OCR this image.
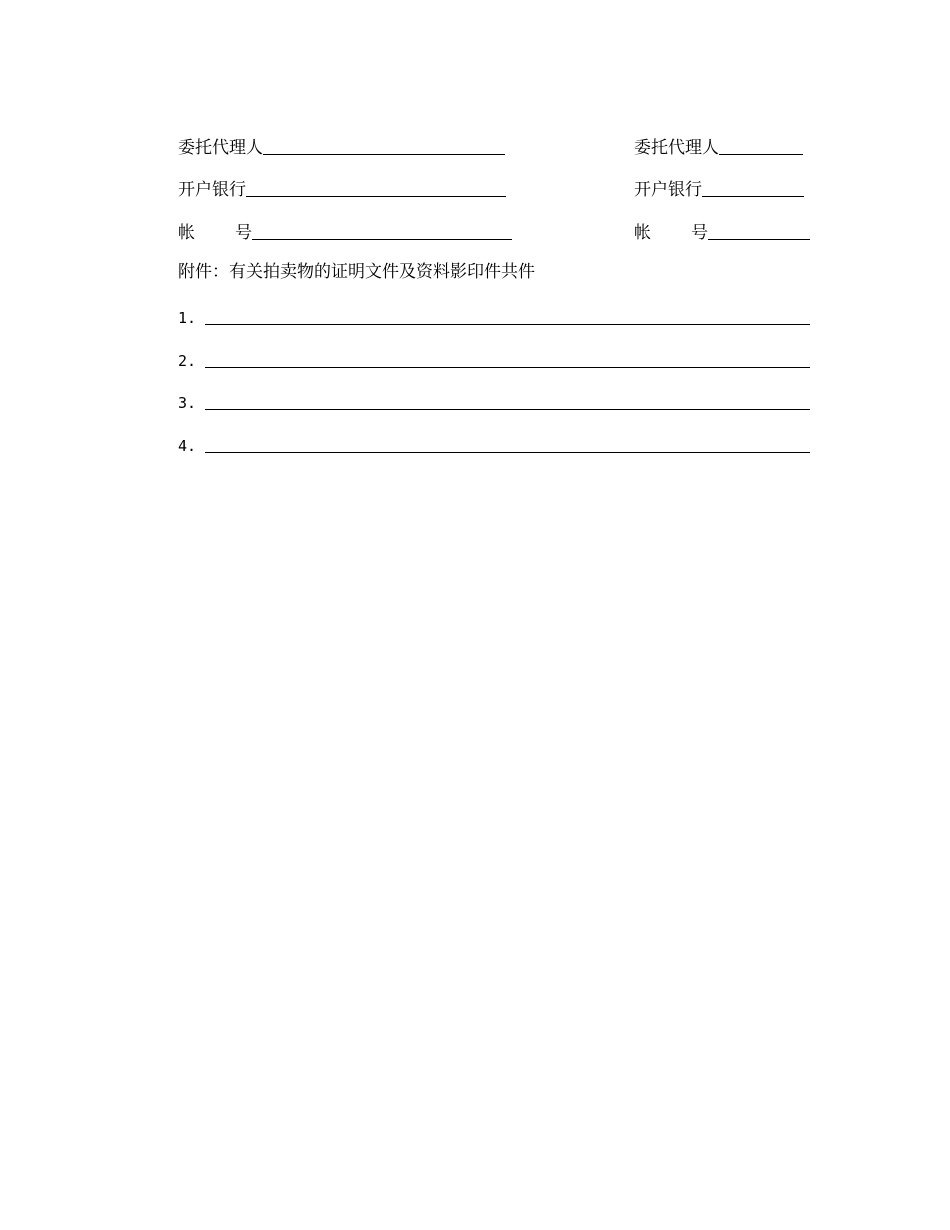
委托代理人
开户银行
帐 号
委托代理人
开户银行
帐 号
附件：有关拍卖物的证明文件及资料影印件共件
1.
2.
3.
4.
